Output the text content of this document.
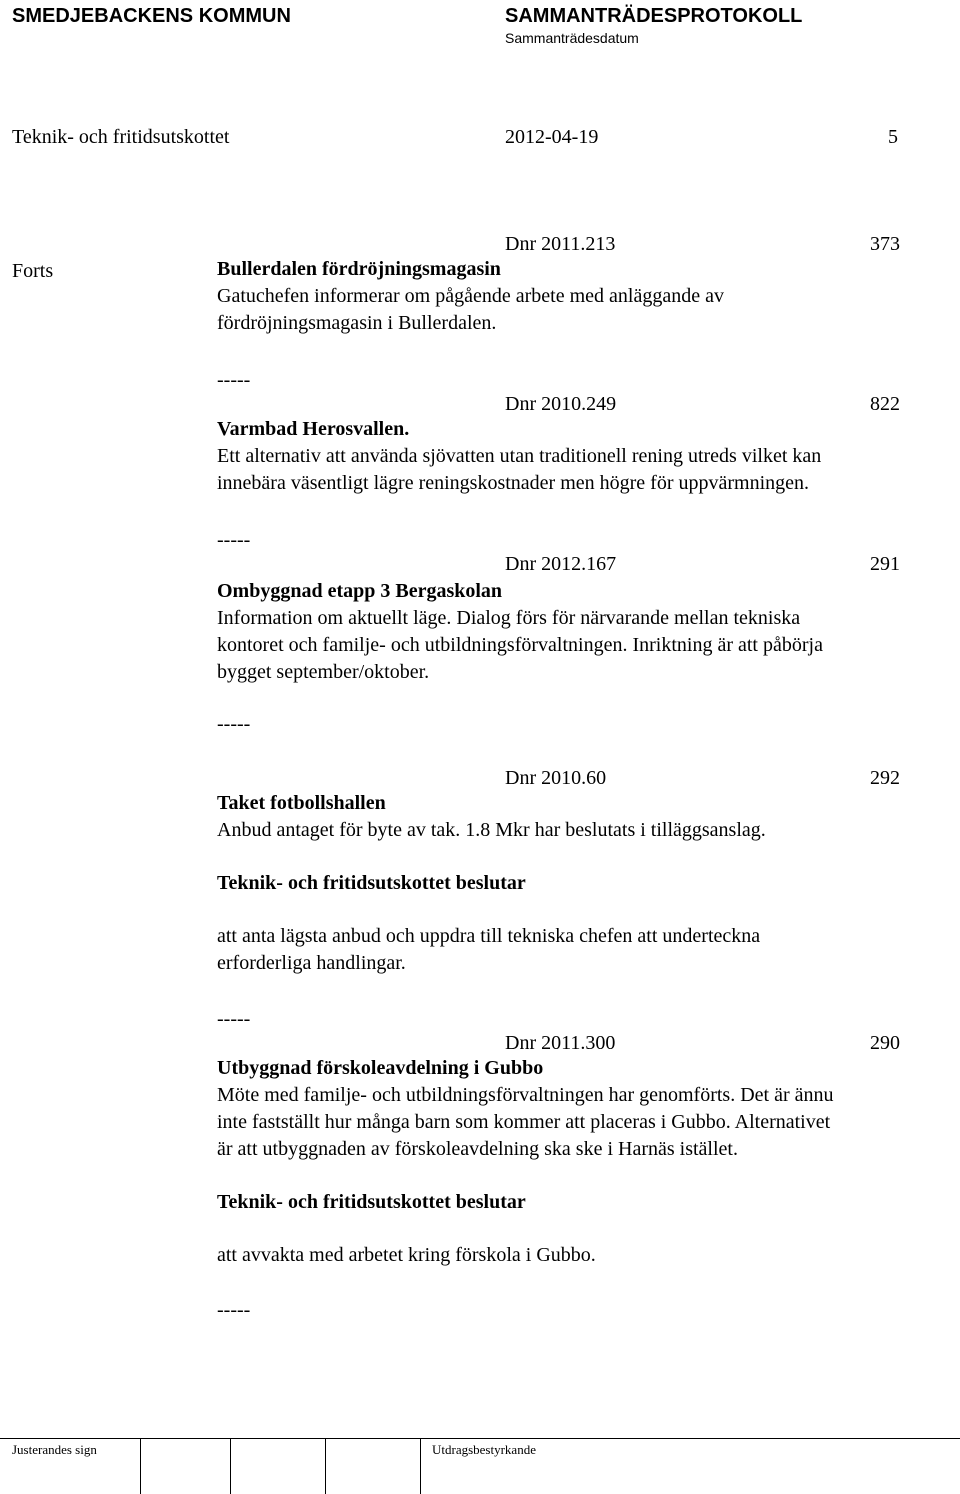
SMEDJEBACKENS KOMMUN	SAMMANTRÄDESPROTOKOLL
Sammanträdesdatum
Teknik- och fritidsutskottet	2012-04-19	5
Forts
Dnr 2011.213	373
Bullerdalen fördröjningsmagasin
Gatuchefen informerar om pågående arbete med anläggande av
fördröjningsmagasin i Bullerdalen.
-----
Dnr 2010.249	822
Varmbad Herosvallen.
Ett alternativ att använda sjövatten utan traditionell rening utreds vilket kan
innebära väsentligt lägre reningskostnader men högre för uppvärmningen.
-----
Dnr 2012.167	291
Ombyggnad etapp 3 Bergaskolan
Information om aktuellt läge. Dialog förs för närvarande mellan tekniska
kontoret och familje- och utbildningsförvaltningen. Inriktning är att påbörja
bygget september/oktober.
-----
Dnr 2010.60	292
Taket fotbollshallen
Anbud antaget för byte av tak. 1.8 Mkr har beslutats i tilläggsanslag.
Teknik- och fritidsutskottet beslutar
att anta lägsta anbud och uppdra till tekniska chefen att underteckna
erforderliga handlingar.
-----
Dnr 2011.300	290
Utbyggnad förskoleavdelning i Gubbo
Möte med familje- och utbildningsförvaltningen har genomförts. Det är ännu
inte fastställt hur många barn som kommer att placeras i Gubbo. Alternativet
är att utbyggnaden av förskoleavdelning ska ske i Harnäs istället.
Teknik- och fritidsutskottet beslutar
att avvakta med arbetet kring förskola i Gubbo.
-----
Justerandes sign	Utdragsbestyrkande
